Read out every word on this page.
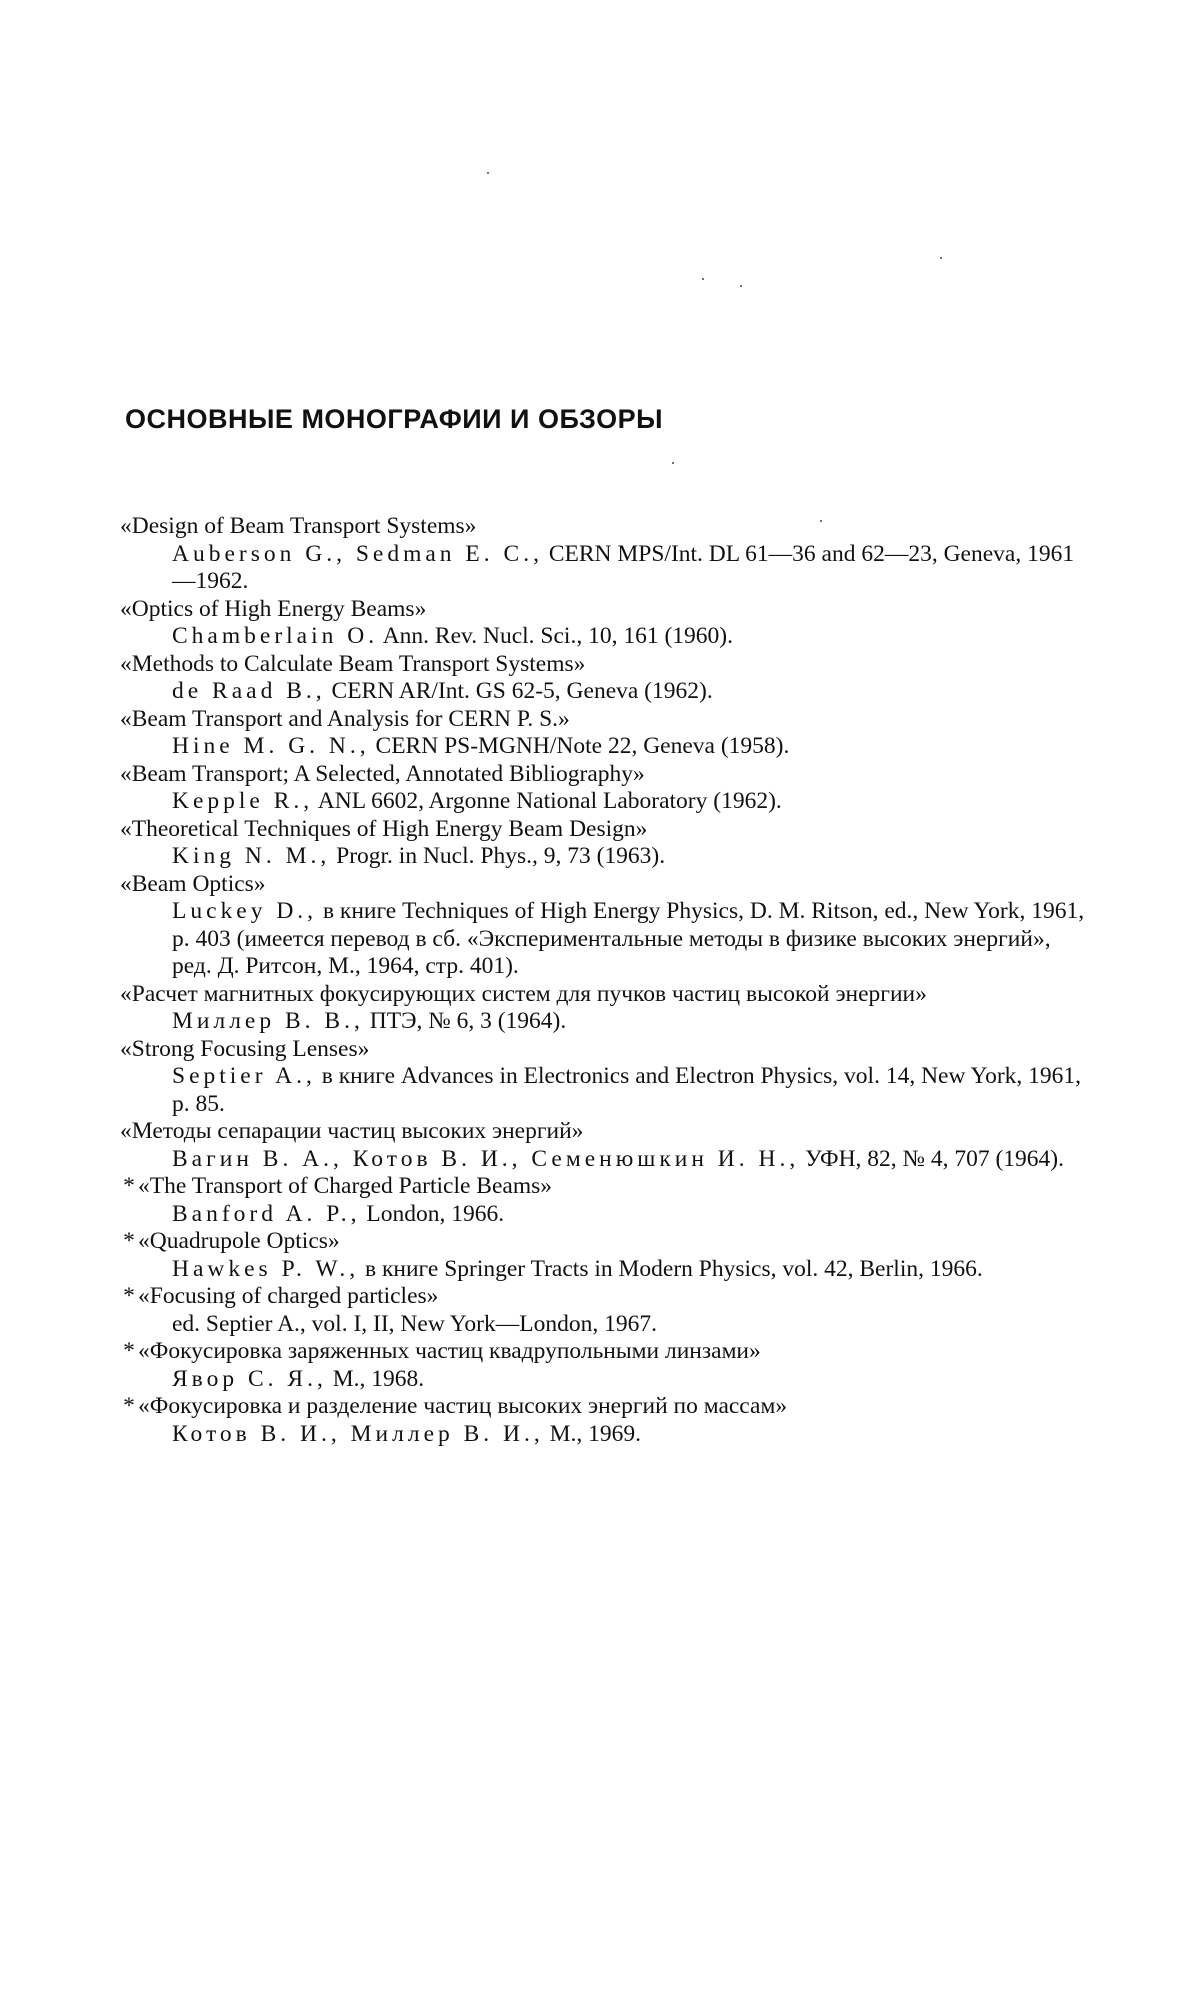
ОСНОВНЫЕ МОНОГРАФИИ И ОБЗОРЫ
«Design of Beam Transport Systems»
Auberson G., Sedman E. C., CERN MPS/Int. DL 61—36 and 62—23, Geneva, 1961—1962.
«Optics of High Energy Beams»
Chamberlain O. Ann. Rev. Nucl. Sci., 10, 161 (1960).
«Methods to Calculate Beam Transport Systems»
de Raad B., CERN AR/Int. GS 62-5, Geneva (1962).
«Beam Transport and Analysis for CERN P. S.»
Hine M. G. N., CERN PS-MGNH/Note 22, Geneva (1958).
«Beam Transport; A Selected, Annotated Bibliography»
Kepple R., ANL 6602, Argonne National Laboratory (1962).
«Theoretical Techniques of High Energy Beam Design»
King N. M., Progr. in Nucl. Phys., 9, 73 (1963).
«Beam Optics»
Luckey D., в книге Techniques of High Energy Physics, D. M. Ritson, ed., New York, 1961, p. 403 (имеется перевод в сб. «Экспериментальные методы в физике высоких энергий», ред. Д. Ритсон, М., 1964, стр. 401).
«Расчет магнитных фокусирующих систем для пучков частиц высокой энергии»
Миллер В. В., ПТЭ, № 6, 3 (1964).
«Strong Focusing Lenses»
Septier A., в книге Advances in Electronics and Electron Physics, vol. 14, New York, 1961, p. 85.
«Методы сепарации частиц высоких энергий»
Вагин В. А., Котов В. И., Семенюшкин И. Н., УФН, 82, № 4, 707 (1964).
* «The Transport of Charged Particle Beams»
Banford A. P., London, 1966.
* «Quadrupole Optics»
Hawkes P. W., в книге Springer Tracts in Modern Physics, vol. 42, Berlin, 1966.
* «Focusing of charged particles»
ed. Septier A., vol. I, II, New York—London, 1967.
* «Фокусировка заряженных частиц квадрупольными линзами»
Явор С. Я., М., 1968.
* «Фокусировка и разделение частиц высоких энергий по массам»
Котов В. И., Миллер В. И., М., 1969.
